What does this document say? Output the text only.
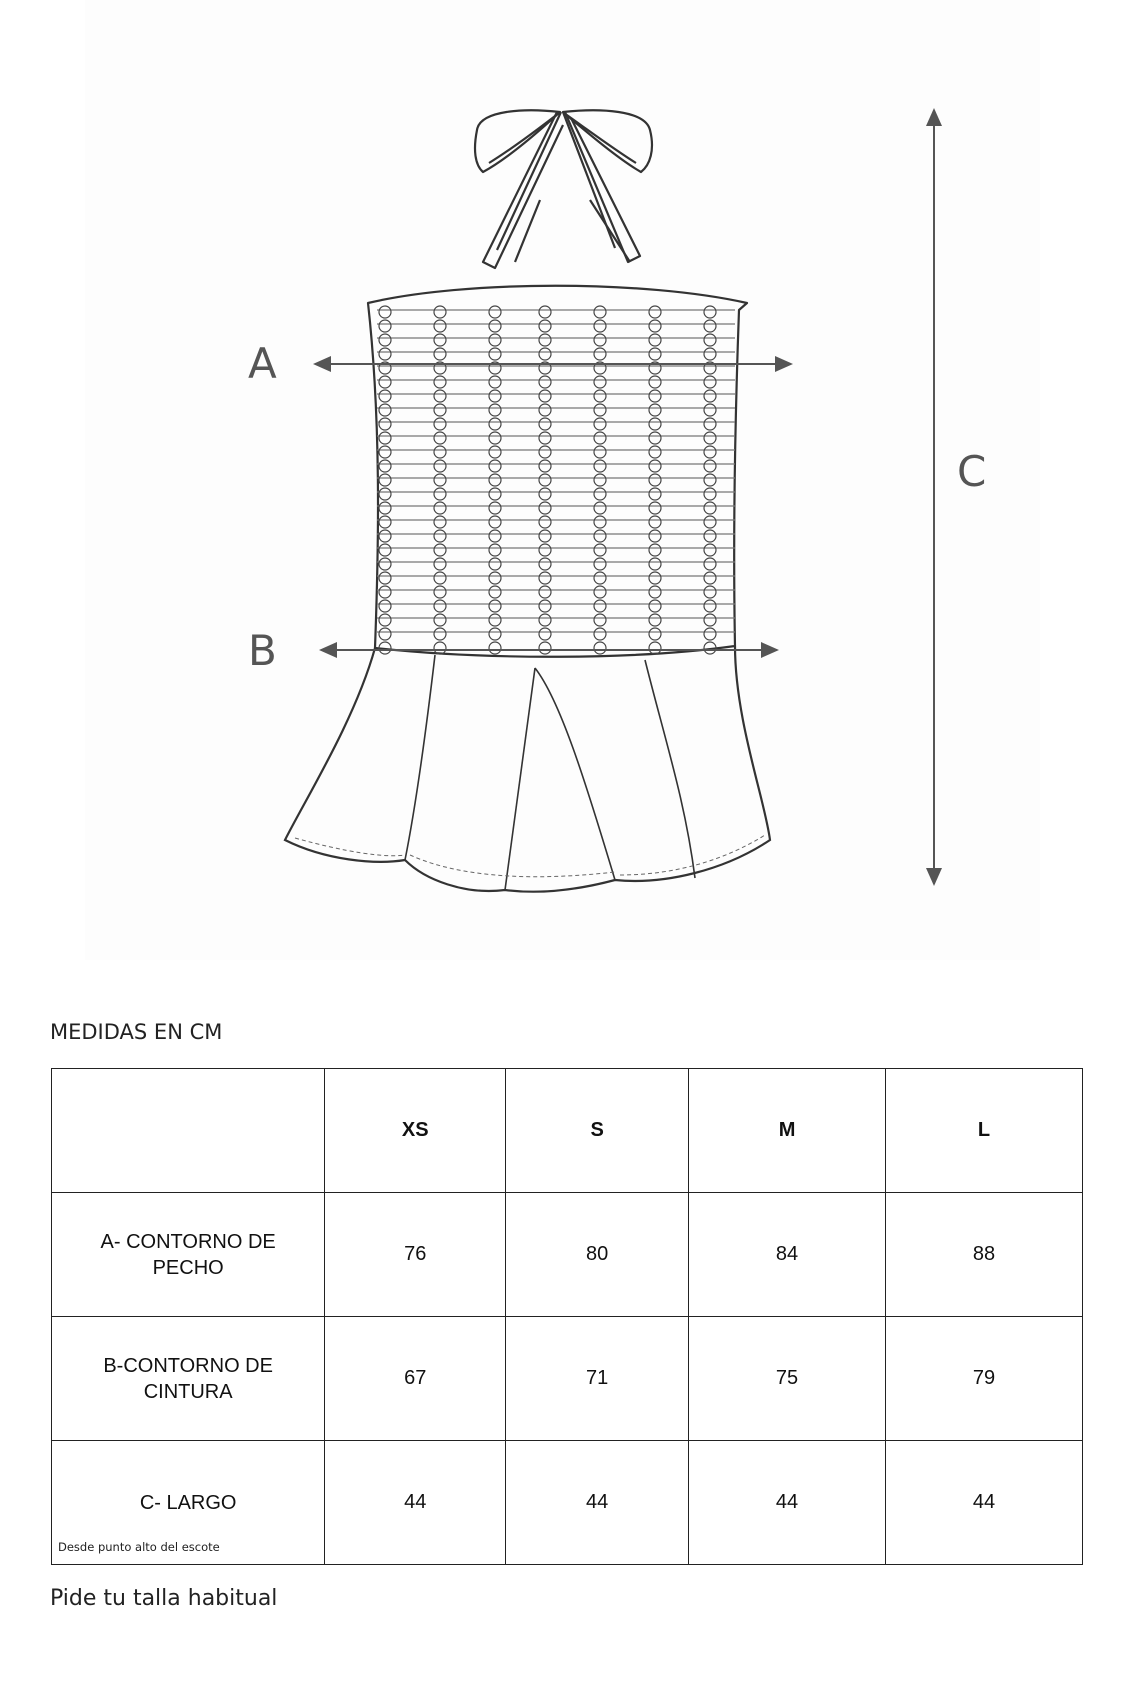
A
B
C
MEDIDAS EN CM
	XS	S	M	L

A- CONTORNO DE PECHO	76	80	84	88

B-CONTORNO DE CINTURA	67	71	75	79

C- LARGO
Desde punto alto del escote	44	44	44	44
Pide tu talla habitual
